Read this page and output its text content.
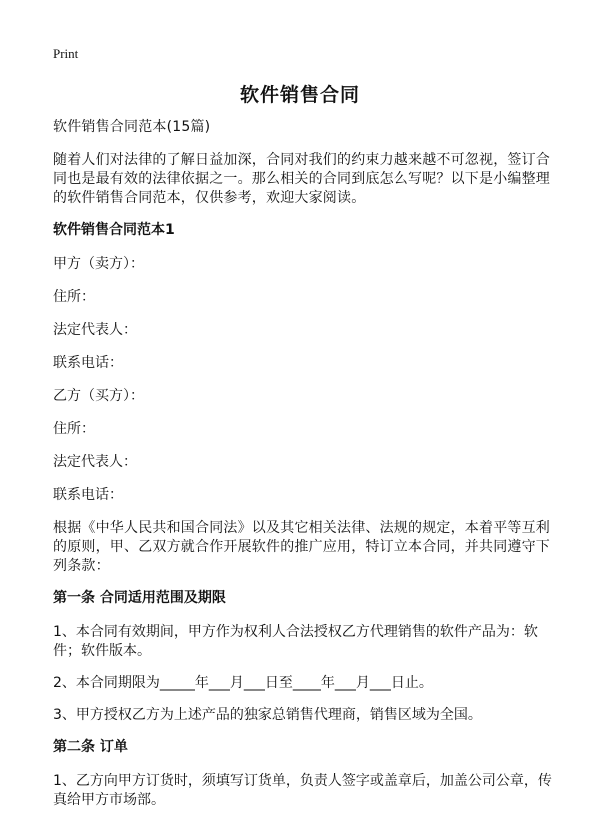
Print
软件销售合同

软件销售合同范本(15篇)

随着人们对法律的了解日益加深，合同对我们的约束力越来越不可忽视，签订合同也是最有效的法律依据之一。那么相关的合同到底怎么写呢？以下是小编整理的软件销售合同范本，仅供参考，欢迎大家阅读。

软件销售合同范本1

甲方（卖方）：

住所：

法定代表人：

联系电话：

乙方（买方）：

住所：

法定代表人：

联系电话：

根据《中华人民共和国合同法》以及其它相关法律、法规的规定，本着平等互利的原则，甲、乙双方就合作开展软件的推广应用，特订立本合同，并共同遵守下列条款：

第一条 合同适用范围及期限

1、本合同有效期间，甲方作为权利人合法授权乙方代理销售的软件产品为：软件；软件版本。

2、本合同期限为_____年___月___日至____年___月___日止。

3、甲方授权乙方为上述产品的独家总销售代理商，销售区域为全国。

第二条 订单

1、乙方向甲方订货时，须填写订货单，负责人签字或盖章后，加盖公司公章，传真给甲方市场部。
